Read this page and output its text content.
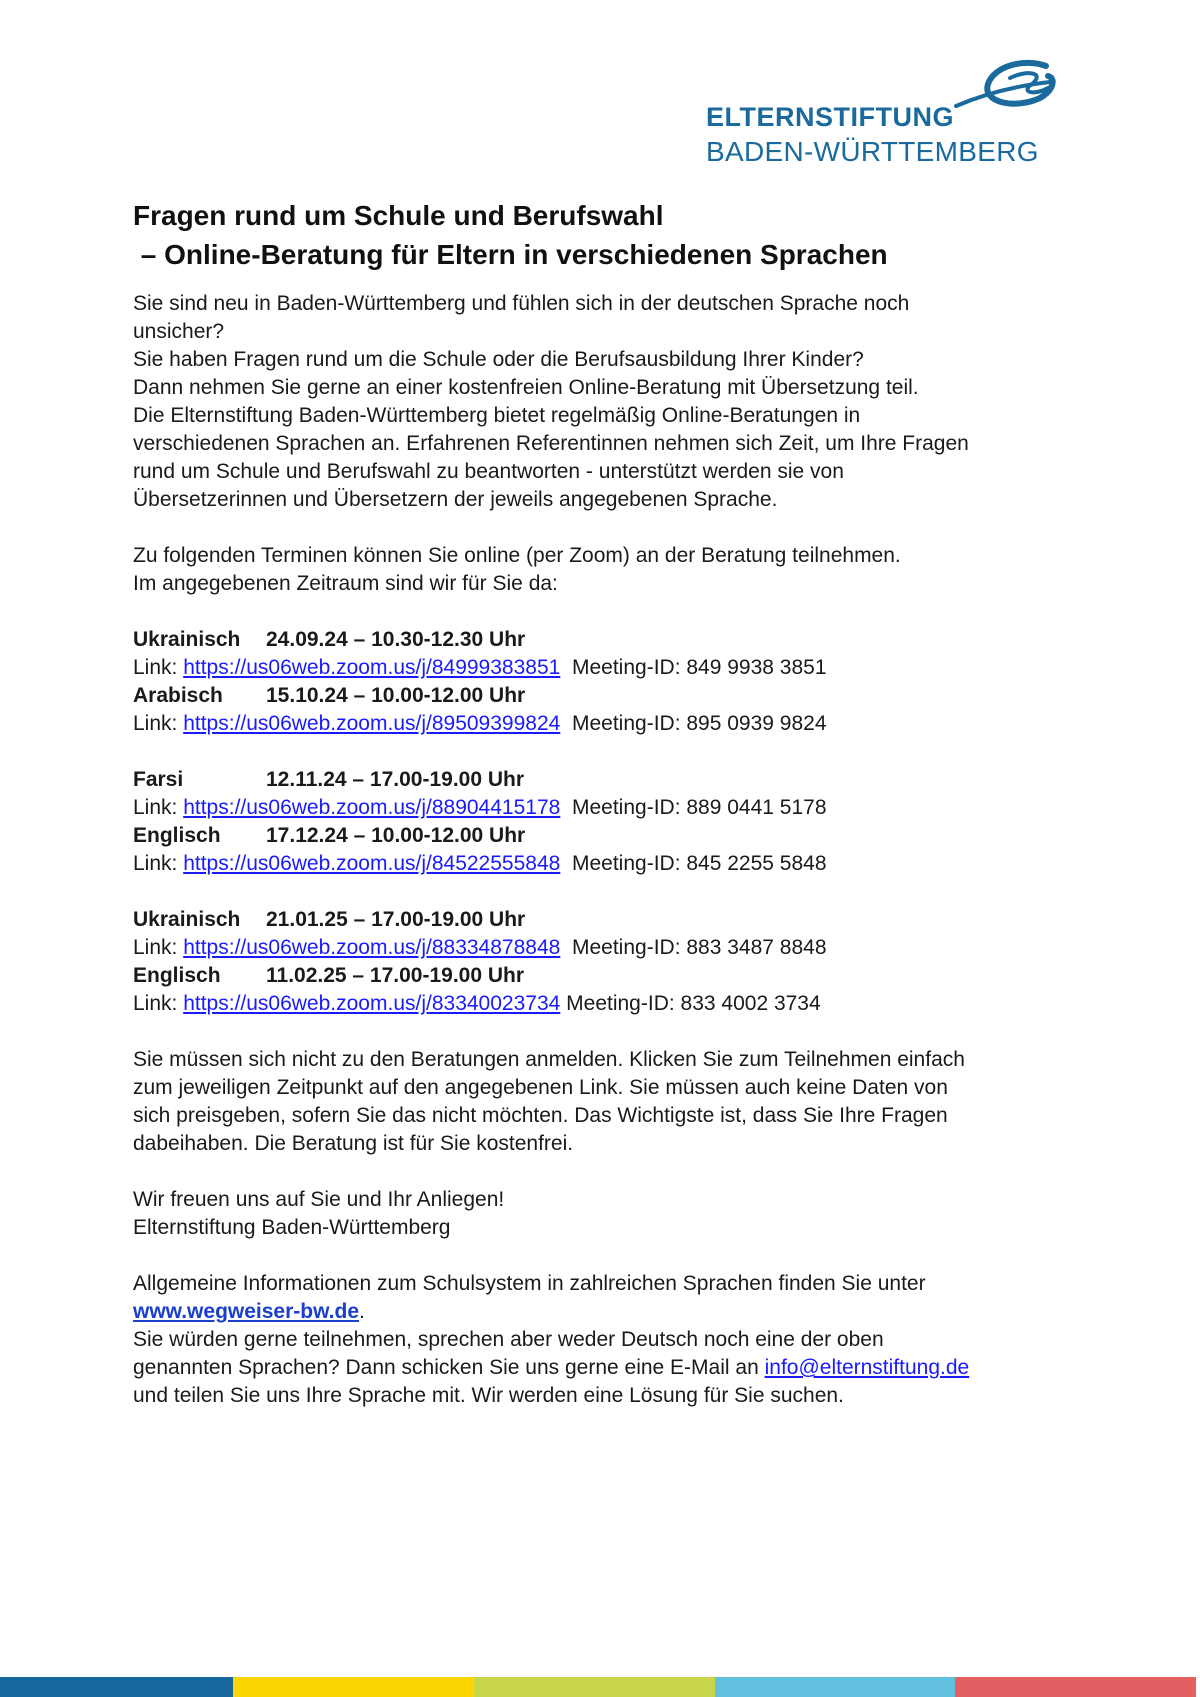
ELTERNSTIFTUNG
BADEN-WÜRTTEMBERG
Fragen rund um Schule und Berufswahl
– Online-Beratung für Eltern in verschiedenen Sprachen
Sie sind neu in Baden-Württemberg und fühlen sich in der deutschen Sprache noch
unsicher?
Sie haben Fragen rund um die Schule oder die Berufsausbildung Ihrer Kinder?
Dann nehmen Sie gerne an einer kostenfreien Online-Beratung mit Übersetzung teil.
Die Elternstiftung Baden-Württemberg bietet regelmäßig Online-Beratungen in
verschiedenen Sprachen an. Erfahrenen Referentinnen nehmen sich Zeit, um Ihre Fragen
rund um Schule und Berufswahl zu beantworten - unterstützt werden sie von
Übersetzerinnen und Übersetzern der jeweils angegebenen Sprache.
Zu folgenden Terminen können Sie online (per Zoom) an der Beratung teilnehmen.
Im angegebenen Zeitraum sind wir für Sie da:
Ukrainisch 24.09.24 – 10.30-12.30 Uhr
Link: https://us06web.zoom.us/j/84999383851 Meeting-ID: 849 9938 3851
Arabisch 15.10.24 – 10.00-12.00 Uhr
Link: https://us06web.zoom.us/j/89509399824 Meeting-ID: 895 0939 9824
Farsi	12.11.24 – 17.00-19.00 Uhr
Link: https://us06web.zoom.us/j/88904415178 Meeting-ID: 889 0441 5178
Englisch 17.12.24 – 10.00-12.00 Uhr
Link: https://us06web.zoom.us/j/84522555848 Meeting-ID: 845 2255 5848
Ukrainisch 21.01.25 – 17.00-19.00 Uhr
Link: https://us06web.zoom.us/j/88334878848 Meeting-ID: 883 3487 8848
Englisch 11.02.25 – 17.00-19.00 Uhr
Link: https://us06web.zoom.us/j/83340023734 Meeting-ID: 833 4002 3734
Sie müssen sich nicht zu den Beratungen anmelden. Klicken Sie zum Teilnehmen einfach
zum jeweiligen Zeitpunkt auf den angegebenen Link. Sie müssen auch keine Daten von
sich preisgeben, sofern Sie das nicht möchten. Das Wichtigste ist, dass Sie Ihre Fragen
dabeihaben. Die Beratung ist für Sie kostenfrei.
Wir freuen uns auf Sie und Ihr Anliegen!
Elternstiftung Baden-Württemberg
Allgemeine Informationen zum Schulsystem in zahlreichen Sprachen finden Sie unter
www.wegweiser-bw.de.
Sie würden gerne teilnehmen, sprechen aber weder Deutsch noch eine der oben
genannten Sprachen? Dann schicken Sie uns gerne eine E-Mail an info@elternstiftung.de
und teilen Sie uns Ihre Sprache mit. Wir werden eine Lösung für Sie suchen.
